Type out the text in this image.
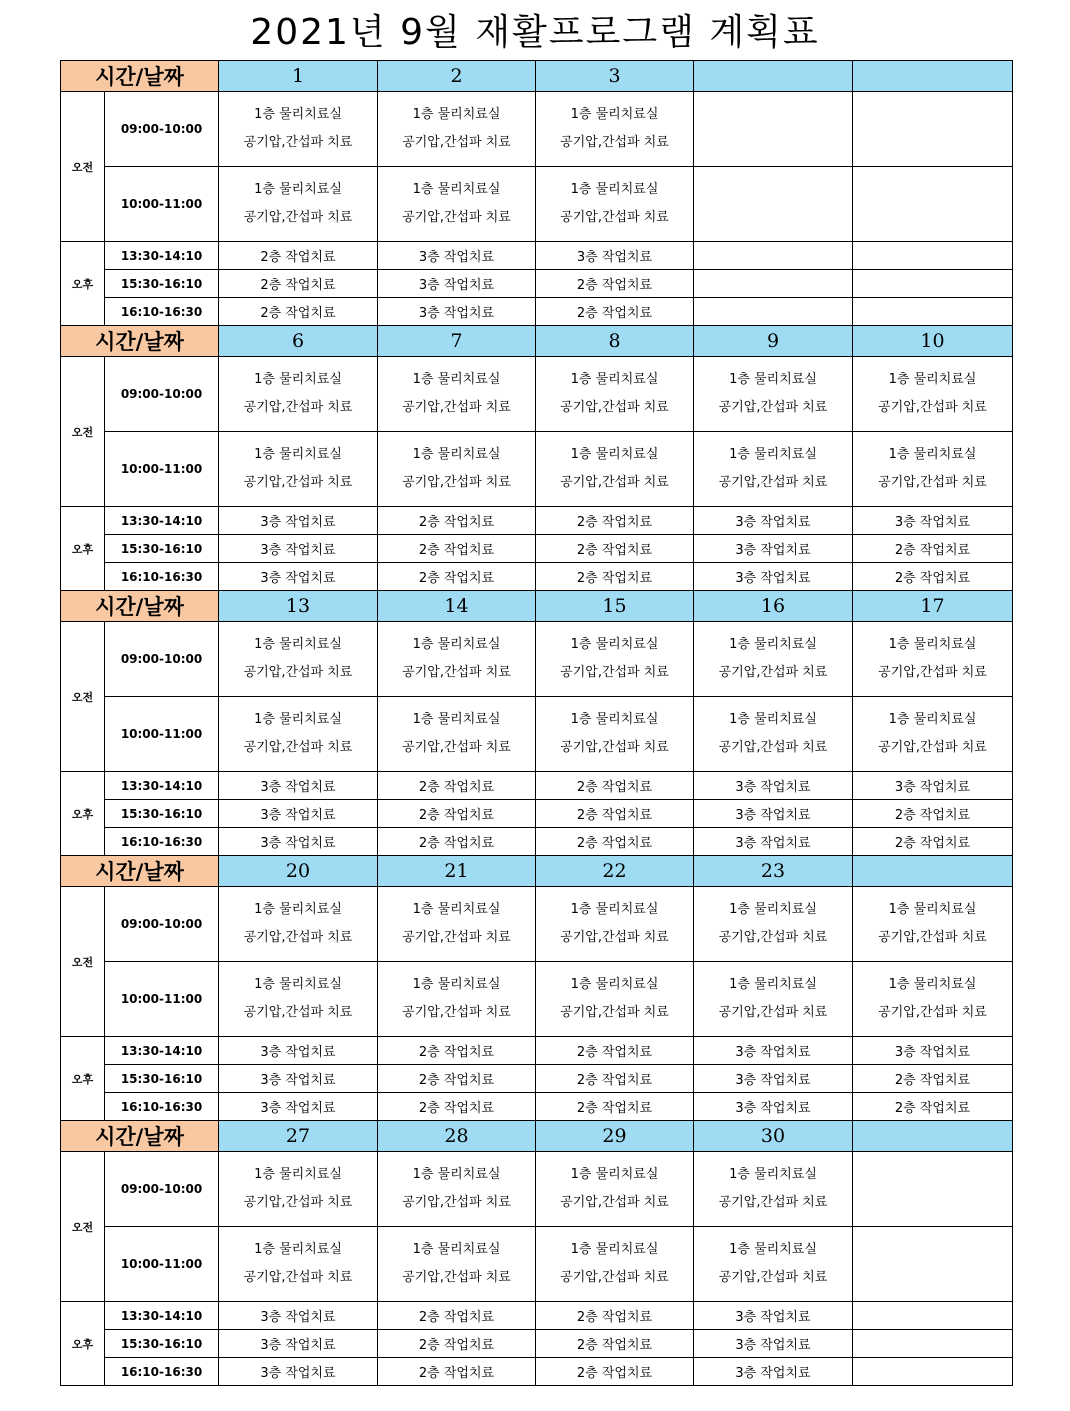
2021년 9월 재활프로그램 계획표
시간/날짜		1	2	3		
오전	09:00-10:00	1층 물리치료실
공기압,간섭파 치료	1층 물리치료실
공기압,간섭파 치료	1층 물리치료실
공기압,간섭파 치료		

	10:00-11:00	1층 물리치료실
공기압,간섭파 치료	1층 물리치료실
공기압,간섭파 치료	1층 물리치료실
공기압,간섭파 치료		

오후	13:30-14:10	2층 작업치료	3층 작업치료	3층 작업치료		
	15:30-16:10	2층 작업치료	3층 작업치료	2층 작업치료		
	16:10-16:30	2층 작업치료	3층 작업치료	2층 작업치료		
시간/날짜		6	7	8	9	10
오전	09:00-10:00	1층 물리치료실
공기압,간섭파 치료	1층 물리치료실
공기압,간섭파 치료	1층 물리치료실
공기압,간섭파 치료	1층 물리치료실
공기압,간섭파 치료	1층 물리치료실
공기압,간섭파 치료

	10:00-11:00	1층 물리치료실
공기압,간섭파 치료	1층 물리치료실
공기압,간섭파 치료	1층 물리치료실
공기압,간섭파 치료	1층 물리치료실
공기압,간섭파 치료	1층 물리치료실
공기압,간섭파 치료

오후	13:30-14:10	3층 작업치료	2층 작업치료	2층 작업치료	3층 작업치료	3층 작업치료
	15:30-16:10	3층 작업치료	2층 작업치료	2층 작업치료	3층 작업치료	2층 작업치료
	16:10-16:30	3층 작업치료	2층 작업치료	2층 작업치료	3층 작업치료	2층 작업치료
시간/날짜		13	14	15	16	17
오전	09:00-10:00	1층 물리치료실
공기압,간섭파 치료	1층 물리치료실
공기압,간섭파 치료	1층 물리치료실
공기압,간섭파 치료	1층 물리치료실
공기압,간섭파 치료	1층 물리치료실
공기압,간섭파 치료

	10:00-11:00	1층 물리치료실
공기압,간섭파 치료	1층 물리치료실
공기압,간섭파 치료	1층 물리치료실
공기압,간섭파 치료	1층 물리치료실
공기압,간섭파 치료	1층 물리치료실
공기압,간섭파 치료

오후	13:30-14:10	3층 작업치료	2층 작업치료	2층 작업치료	3층 작업치료	3층 작업치료
	15:30-16:10	3층 작업치료	2층 작업치료	2층 작업치료	3층 작업치료	2층 작업치료
	16:10-16:30	3층 작업치료	2층 작업치료	2층 작업치료	3층 작업치료	2층 작업치료
시간/날짜		20	21	22	23	
오전	09:00-10:00	1층 물리치료실
공기압,간섭파 치료	1층 물리치료실
공기압,간섭파 치료	1층 물리치료실
공기압,간섭파 치료	1층 물리치료실
공기압,간섭파 치료	1층 물리치료실
공기압,간섭파 치료

	10:00-11:00	1층 물리치료실
공기압,간섭파 치료	1층 물리치료실
공기압,간섭파 치료	1층 물리치료실
공기압,간섭파 치료	1층 물리치료실
공기압,간섭파 치료	1층 물리치료실
공기압,간섭파 치료

오후	13:30-14:10	3층 작업치료	2층 작업치료	2층 작업치료	3층 작업치료	3층 작업치료
	15:30-16:10	3층 작업치료	2층 작업치료	2층 작업치료	3층 작업치료	2층 작업치료
	16:10-16:30	3층 작업치료	2층 작업치료	2층 작업치료	3층 작업치료	2층 작업치료
시간/날짜		27	28	29	30	
오전	09:00-10:00	1층 물리치료실
공기압,간섭파 치료	1층 물리치료실
공기압,간섭파 치료	1층 물리치료실
공기압,간섭파 치료	1층 물리치료실
공기압,간섭파 치료	

	10:00-11:00	1층 물리치료실
공기압,간섭파 치료	1층 물리치료실
공기압,간섭파 치료	1층 물리치료실
공기압,간섭파 치료	1층 물리치료실
공기압,간섭파 치료	

오후	13:30-14:10	3층 작업치료	2층 작업치료	2층 작업치료	3층 작업치료	
	15:30-16:10	3층 작업치료	2층 작업치료	2층 작업치료	3층 작업치료	
	16:10-16:30	3층 작업치료	2층 작업치료	2층 작업치료	3층 작업치료	
